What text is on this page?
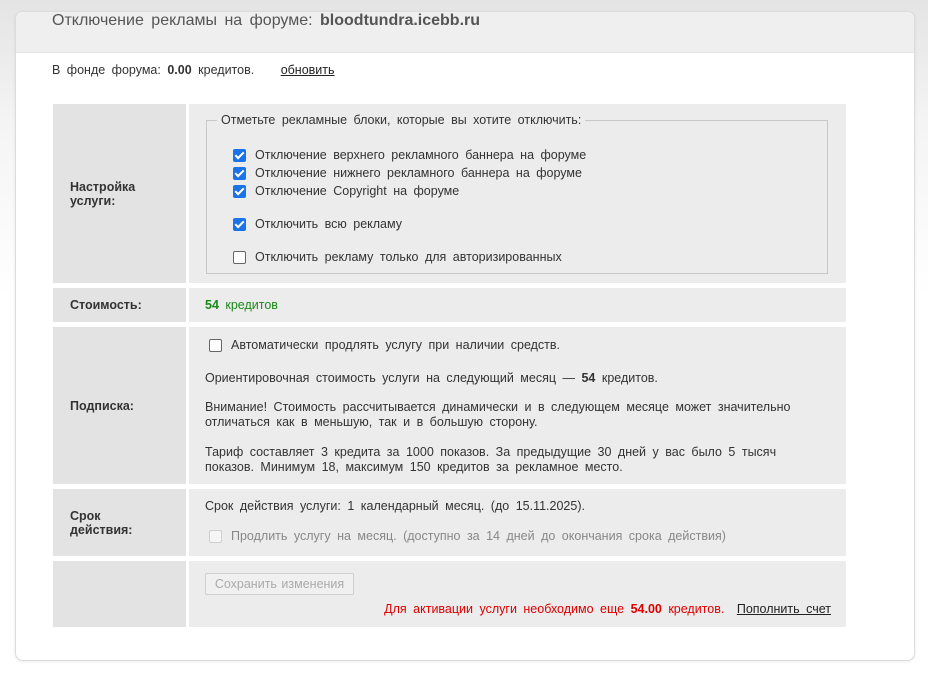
Отключение рекламы на форуме: bloodtundra.icebb.ru
В фонде форума: 0.00 кредитов. обновить
Настройка услуги:
Отметьте рекламные блоки, которые вы хотите отключить:
Отключение верхнего рекламного баннера на форуме
Отключение нижнего рекламного баннера на форуме
Отключение Copyright на форуме
Отключить всю рекламу
Отключить рекламу только для авторизированных
Стоимость:	54 кредитов
Подписка:
Автоматически продлять услугу при наличии средств.
Ориентировочная стоимость услуги на следующий месяц — 54 кредитов.
Внимание! Стоимость рассчитывается динамически и в следующем месяце может значительно отличаться как в меньшую, так и в большую сторону.
Тариф составляет 3 кредита за 1000 показов. За предыдущие 30 дней у вас было 5 тысяч показов. Минимум 18, максимум 150 кредитов за рекламное место.
Срок действия:
Срок действия услуги: 1 календарный месяц. (до 15.11.2025).
Продлить услугу на месяц. (доступно за 14 дней до окончания срока действия)
Сохранить изменения
Для активации услуги необходимо еще 54.00 кредитов. Пополнить счет
